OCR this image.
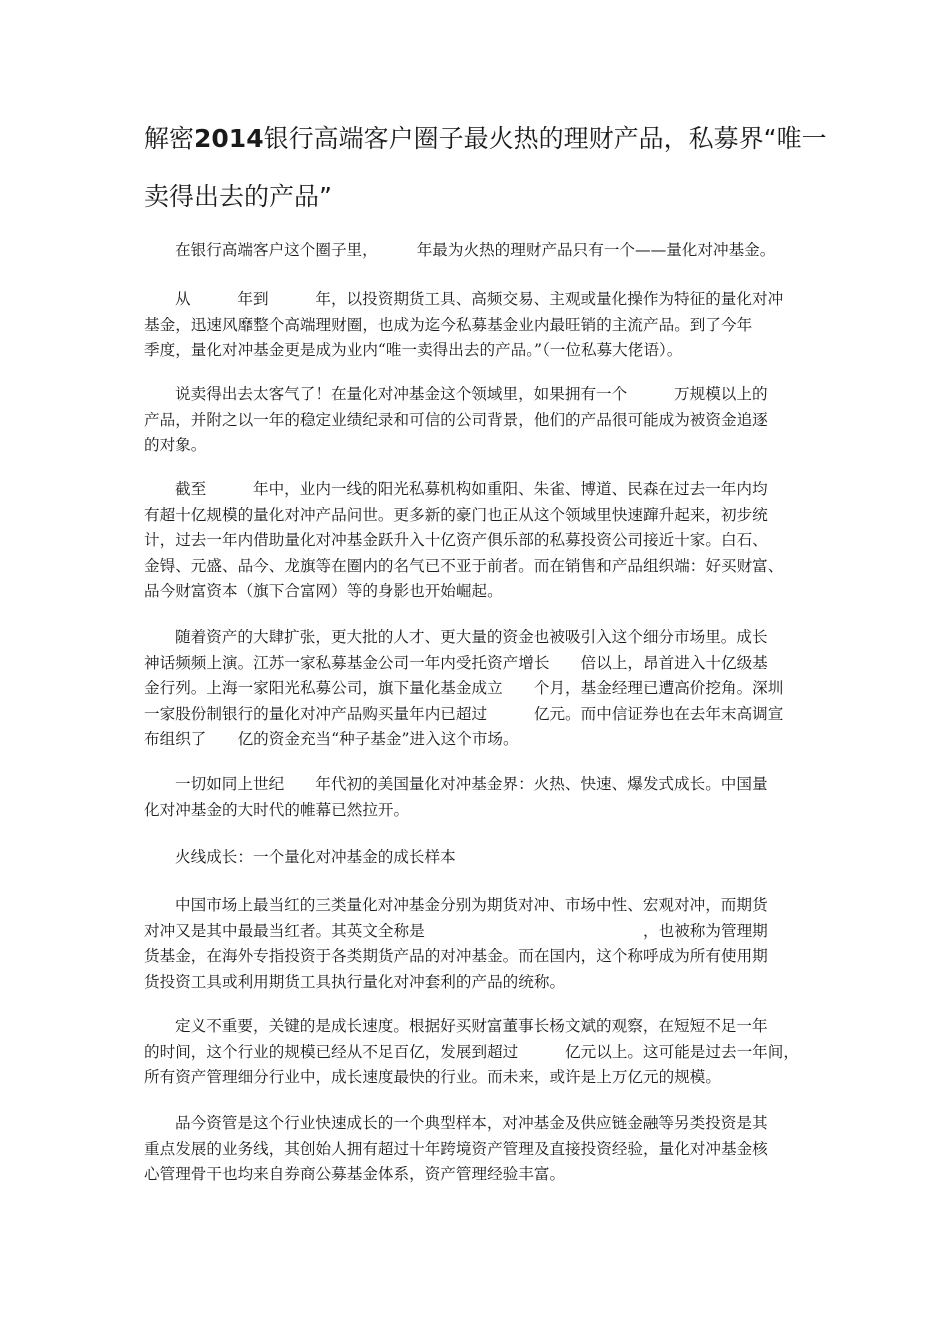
解密2014银行高端客户圈子最火热的理财产品，私募界“唯一
卖得出去的产品”
在银行高端客户这个圈子里，　　　年最为火热的理财产品只有一个——量化对冲基金。
从　　　年到　　　年，以投资期货工具、高频交易、主观或量化操作为特征的量化对冲
基金，迅速风靡整个高端理财圈，也成为迄今私募基金业内最旺销的主流产品。到了今年
季度，量化对冲基金更是成为业内“唯一卖得出去的产品。”（一位私募大佬语）。
说卖得出去太客气了！在量化对冲基金这个领域里，如果拥有一个　　　万规模以上的
产品，并附之以一年的稳定业绩纪录和可信的公司背景，他们的产品很可能成为被资金追逐
的对象。
截至　　　年中，业内一线的阳光私募机构如重阳、朱雀、博道、民森在过去一年内均
有超十亿规模的量化对冲产品问世。更多新的豪门也正从这个领域里快速蹿升起来，初步统
计，过去一年内借助量化对冲基金跃升入十亿资产俱乐部的私募投资公司接近十家。白石、
金锝、元盛、品今、龙旗等在圈内的名气已不亚于前者。而在销售和产品组织端：好买财富、
品今财富资本（旗下合富网）等的身影也开始崛起。
随着资产的大肆扩张，更大批的人才、更大量的资金也被吸引入这个细分市场里。成长
神话频频上演。江苏一家私募基金公司一年内受托资产增长　　倍以上，昂首进入十亿级基
金行列。上海一家阳光私募公司，旗下量化基金成立　　个月，基金经理已遭高价挖角。深圳
一家股份制银行的量化对冲产品购买量年内已超过　　　亿元。而中信证券也在去年末高调宣
布组织了　　亿的资金充当“种子基金”进入这个市场。
一切如同上世纪　　年代初的美国量化对冲基金界：火热、快速、爆发式成长。中国量
化对冲基金的大时代的帷幕已然拉开。
火线成长：一个量化对冲基金的成长样本
中国市场上最当红的三类量化对冲基金分别为期货对冲、市场中性、宏观对冲，而期货
对冲又是其中最最当红者。其英文全称是　　　　　　　　　　　　　　，也被称为管理期
货基金，在海外专指投资于各类期货产品的对冲基金。而在国内，这个称呼成为所有使用期
货投资工具或利用期货工具执行量化对冲套利的产品的统称。
定义不重要，关键的是成长速度。根据好买财富董事长杨文斌的观察，在短短不足一年
的时间，这个行业的规模已经从不足百亿，发展到超过　　　亿元以上。这可能是过去一年间，
所有资产管理细分行业中，成长速度最快的行业。而未来，或许是上万亿元的规模。
品今资管是这个行业快速成长的一个典型样本，对冲基金及供应链金融等另类投资是其
重点发展的业务线，其创始人拥有超过十年跨境资产管理及直接投资经验，量化对冲基金核
心管理骨干也均来自券商公募基金体系，资产管理经验丰富。
